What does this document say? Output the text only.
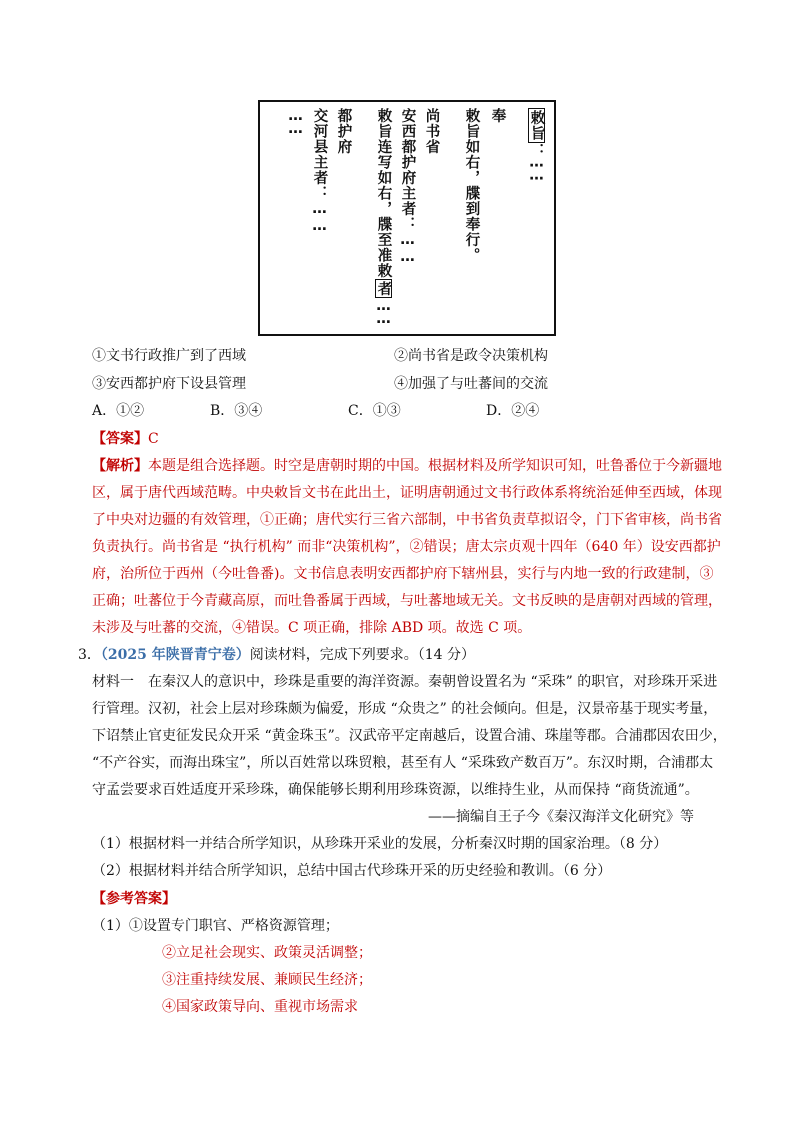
敕旨：……
敕旨如右，牒到奉行。 奉
尚书省
安西都护府主者：……
敕旨连写如右，牒至准敕者……
都护府
交河县主者：……
……
①文书行政推广到了西域	②尚书省是政令决策机构
③安西都护府下设县管理	④加强了与吐蕃间的交流
A．①②	B．③④	C．①③	D．②④
【答案】C
【解析】本题是组合选择题。时空是唐朝时期的中国。根据材料及所学知识可知，吐鲁番位于今新疆地
区，属于唐代西域范畴。中央敕旨文书在此出土，证明唐朝通过文书行政体系将统治延伸至西域，体现
了中央对边疆的有效管理，①正确；唐代实行三省六部制，中书省负责草拟诏令，门下省审核，尚书省
负责执行。尚书省是 “执行机构” 而非“决策机构”，②错误；唐太宗贞观十四年（640 年）设安西都护
府，治所位于西州（今吐鲁番)。文书信息表明安西都护府下辖州县，实行与内地一致的行政建制，③
正确；吐蕃位于今青藏高原，而吐鲁番属于西域，与吐蕃地域无关。文书反映的是唐朝对西域的管理，
未涉及与吐蕃的交流，④错误。C 项正确，排除 ABD 项。故选 C 项。
3．（2025 年陕晋青宁卷）阅读材料，完成下列要求。（14 分）
材料一　在秦汉人的意识中，珍珠是重要的海洋资源。秦朝曾设置名为 “采珠” 的职官，对珍珠开采进
行管理。汉初，社会上层对珍珠颇为偏爱，形成 “众贵之” 的社会倾向。但是，汉景帝基于现实考量，
下诏禁止官吏征发民众开采 “黄金珠玉”。汉武帝平定南越后，设置合浦、珠崖等郡。合浦郡因农田少，
“不产谷实，而海出珠宝”，所以百姓常以珠贸粮，甚至有人 “采珠致产数百万”。东汉时期，合浦郡太
守孟尝要求百姓适度开采珍珠，确保能够长期利用珍珠资源，以维持生业，从而保持 “商货流通”。
——摘编自王子今《秦汉海洋文化研究》等
（1）根据材料一并结合所学知识，从珍珠开采业的发展，分析秦汉时期的国家治理。（8 分）
（2）根据材料并结合所学知识，总结中国古代珍珠开采的历史经验和教训。（6 分）
【参考答案】
（1）①设置专门职官、严格资源管理；
②立足社会现实、政策灵活调整；
③注重持续发展、兼顾民生经济；
④国家政策导向、重视市场需求
